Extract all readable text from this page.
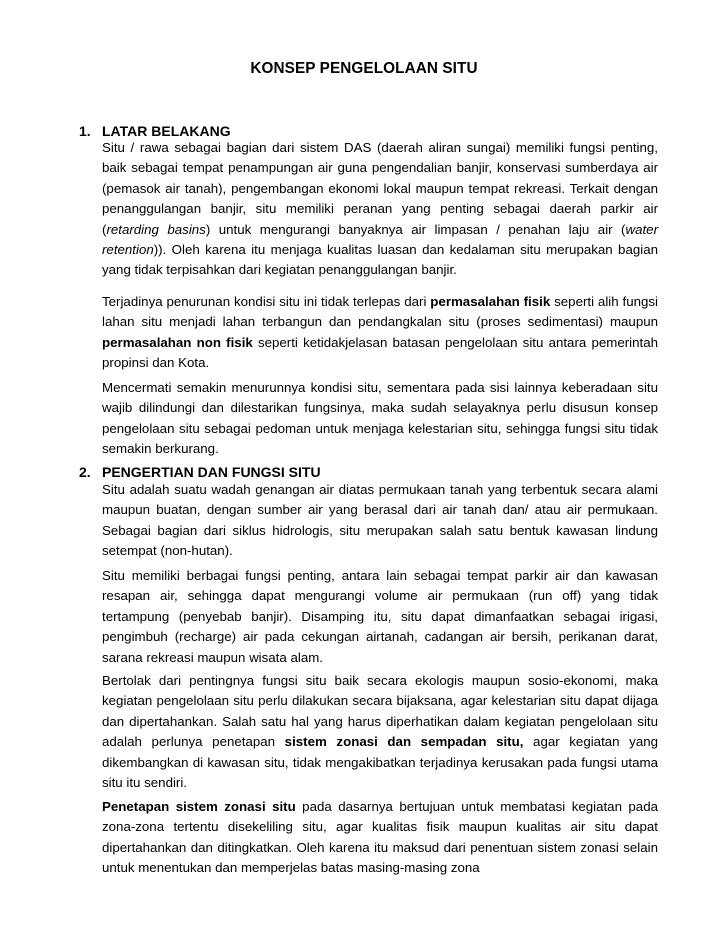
KONSEP PENGELOLAAN SITU
1. LATAR BELAKANG
Situ / rawa sebagai bagian dari sistem DAS (daerah aliran sungai) memiliki fungsi penting, baik sebagai tempat penampungan air guna pengendalian banjir, konservasi sumberdaya air (pemasok air tanah), pengembangan ekonomi lokal maupun tempat rekreasi. Terkait dengan penanggulangan banjir, situ memiliki peranan yang penting sebagai daerah parkir air (retarding basins) untuk mengurangi banyaknya air limpasan / penahan laju air (water retention)). Oleh karena itu menjaga kualitas luasan dan kedalaman situ merupakan bagian yang tidak terpisahkan dari kegiatan penanggulangan banjir.
Terjadinya penurunan kondisi situ ini tidak terlepas dari permasalahan fisik seperti alih fungsi lahan situ menjadi lahan terbangun dan pendangkalan situ (proses sedimentasi) maupun permasalahan non fisik seperti ketidakjelasan batasan pengelolaan situ antara pemerintah propinsi dan Kota.
Mencermati semakin menurunnya kondisi situ, sementara pada sisi lainnya keberadaan situ wajib dilindungi dan dilestarikan fungsinya, maka sudah selayaknya perlu disusun konsep pengelolaan situ sebagai pedoman untuk menjaga kelestarian situ, sehingga fungsi situ tidak semakin berkurang.
2. PENGERTIAN DAN FUNGSI SITU
Situ adalah suatu wadah genangan air diatas permukaan tanah yang terbentuk secara alami maupun buatan, dengan sumber air yang berasal dari air tanah dan/ atau air permukaan. Sebagai bagian dari siklus hidrologis, situ merupakan salah satu bentuk kawasan lindung setempat (non-hutan).
Situ memiliki berbagai fungsi penting, antara lain sebagai tempat parkir air dan kawasan resapan air, sehingga dapat mengurangi volume air permukaan (run off) yang tidak tertampung (penyebab banjir). Disamping itu, situ dapat dimanfaatkan sebagai irigasi, pengimbuh (recharge) air pada cekungan airtanah, cadangan air bersih, perikanan darat, sarana rekreasi maupun wisata alam.
Bertolak dari pentingnya fungsi situ baik secara ekologis maupun sosio-ekonomi, maka kegiatan pengelolaan situ perlu dilakukan secara bijaksana, agar kelestarian situ dapat dijaga dan dipertahankan. Salah satu hal yang harus diperhatikan dalam kegiatan pengelolaan situ adalah perlunya penetapan sistem zonasi dan sempadan situ, agar kegiatan yang dikembangkan di kawasan situ, tidak mengakibatkan terjadinya kerusakan pada fungsi utama situ itu sendiri.
Penetapan sistem zonasi situ pada dasarnya bertujuan untuk membatasi kegiatan pada zona-zona tertentu disekeliling situ, agar kualitas fisik maupun kualitas air situ dapat dipertahankan dan ditingkatkan. Oleh karena itu maksud dari penentuan sistem zonasi selain untuk menentukan dan memperjelas batas masing-masing zona
